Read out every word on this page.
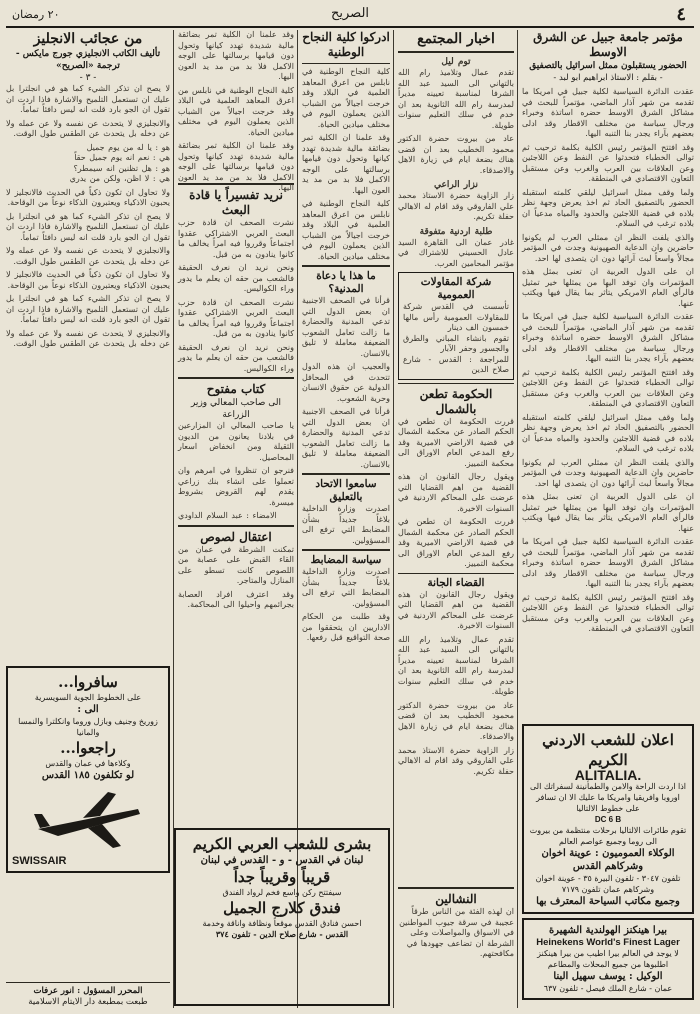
٤
الصريح
٢٠ رمضان
مؤتمر جامعة جبيل عن الشرق الاوسط
الحضور يستقبلون ممثل اسرائيل بالتصفيق
- بقلم : الاستاذ ابراهيم ابو لبد -

عقدت الدائرة السياسية لكلية جبيل في امريكا ما تقدمه من شهر آذار الماضي، مؤتمراً للبحث في مشاكل الشرق الاوسط حضره اساتذة وخبراء ورجال سياسة من مختلف الاقطار وقد ادلى بعضهم بآراء يجدر بنا التنبه اليها.

وقد افتتح المؤتمر رئيس الكلية بكلمة ترحيب ثم توالى الخطباء فتحدثوا عن النفط وعن اللاجئين وعن العلاقات بين العرب والغرب وعن مستقبل التعاون الاقتصادي في المنطقة.

ولما وقف ممثل اسرائيل ليلقي كلمته استقبله الحضور بالتصفيق الحاد ثم اخذ يعرض وجهة نظر بلاده في قضية اللاجئين والحدود والمياه مدعياً ان بلاده ترغب في السلام.

والذي يلفت النظر ان ممثلي العرب لم يكونوا حاضرين وان الدعاية الصهيونية وجدت في المؤتمر مجالاً واسعاً لبث آرائها دون ان يتصدى لها احد.

ان على الدول العربية ان تعنى بمثل هذه المؤتمرات وان توفد اليها من يمثلها خير تمثيل فالرأي العام الامريكي يتأثر بما يقال فيها ويكتب عنها.

عقدت الدائرة السياسية لكلية جبيل في امريكا ما تقدمه من شهر آذار الماضي، مؤتمراً للبحث في مشاكل الشرق الاوسط حضره اساتذة وخبراء ورجال سياسة من مختلف الاقطار وقد ادلى بعضهم بآراء يجدر بنا التنبه اليها.

وقد افتتح المؤتمر رئيس الكلية بكلمة ترحيب ثم توالى الخطباء فتحدثوا عن النفط وعن اللاجئين وعن العلاقات بين العرب والغرب وعن مستقبل التعاون الاقتصادي في المنطقة.

ولما وقف ممثل اسرائيل ليلقي كلمته استقبله الحضور بالتصفيق الحاد ثم اخذ يعرض وجهة نظر بلاده في قضية اللاجئين والحدود والمياه مدعياً ان بلاده ترغب في السلام.

والذي يلفت النظر ان ممثلي العرب لم يكونوا حاضرين وان الدعاية الصهيونية وجدت في المؤتمر مجالاً واسعاً لبث آرائها دون ان يتصدى لها احد.

ان على الدول العربية ان تعنى بمثل هذه المؤتمرات وان توفد اليها من يمثلها خير تمثيل فالرأي العام الامريكي يتأثر بما يقال فيها ويكتب عنها.

عقدت الدائرة السياسية لكلية جبيل في امريكا ما تقدمه من شهر آذار الماضي، مؤتمراً للبحث في مشاكل الشرق الاوسط حضره اساتذة وخبراء ورجال سياسة من مختلف الاقطار وقد ادلى بعضهم بآراء يجدر بنا التنبه اليها.

وقد افتتح المؤتمر رئيس الكلية بكلمة ترحيب ثم توالى الخطباء فتحدثوا عن النفط وعن اللاجئين وعن العلاقات بين العرب والغرب وعن مستقبل التعاون الاقتصادي في المنطقة.

اعلان للشعب الاردني الكريم
ALITALIA.
اذا اردت الراحة والامن والطمأنينة لسفراتك الى اوروبا وافريقيا وامريكا ما عليك الا ان تسافر على خطوط الالتاليا
DC 6 B
تقوم طائرات الالتاليا برحلات منتظمة من بيروت الى روما وجميع عواصم العالم
الوكلاء العموميون : عوينة اخوان وشركاهم القدس
تلفون ٣٠٤٧ - تلفون البيرة ٣٥ - عوينة اخوان وشركاهم عمان تلفون ٧١٧٩
وجميع مكاتب السياحة المعترف بها
بيرا هينكنز الهولندية الشهيرة
Heinekens World's Finest Lager
لا يوجد في العالم بيرا اطيب من بيرا هينكنز
اطلبوها من جميع المحلات والمطاعم
الوكيل : يوسف سهيل البنا
عمان - شارع الملك فيصل - تلفون ٦٣٧
اخبار المجتمع
توم ليل

تقدم عمال وتلاميذ رام الله بالتهاني الى السيد عبد الله الشرفا لمناسبة تعيينه مديراً لمدرسة رام الله الثانوية بعد ان خدم في سلك التعليم سنوات طويلة.

عاد من بيروت حضرة الدكتور محمود الخطيب بعد ان قضى هناك بضعة ايام في زيارة الاهل والاصدقاء.

نزار الراعي

زار الزاوية حضرة الاستاذ محمد علي الفاروقي وقد اقام له الاهالي حفلة تكريم.

طلبة اردنية متفوقة

غادر عمان الى القاهرة السيد عادل الحسيني للاشتراك في مؤتمر المحامين العرب.

شركة المقاولات العمومية
تأسست في القدس شركة للمقاولات العمومية رأس مالها خمسون الف دينار
تقوم بانشاء المباني والطرق والجسور وحفر الآبار
للمراجعة : القدس - شارع صلاح الدين
الحكومة تطعن بالشمال

قررت الحكومة ان تطعن في الحكم الصادر عن محكمة الشمال في قضية الاراضي الاميرية وقد رفع المدعي العام الاوراق الى محكمة التمييز.

ويقول رجال القانون ان هذه القضية من اهم القضايا التي عرضت على المحاكم الاردنية في السنوات الاخيرة.

قررت الحكومة ان تطعن في الحكم الصادر عن محكمة الشمال في قضية الاراضي الاميرية وقد رفع المدعي العام الاوراق الى محكمة التمييز.

القضاء الجانة

ويقول رجال القانون ان هذه القضية من اهم القضايا التي عرضت على المحاكم الاردنية في السنوات الاخيرة.

تقدم عمال وتلاميذ رام الله بالتهاني الى السيد عبد الله الشرفا لمناسبة تعيينه مديراً لمدرسة رام الله الثانوية بعد ان خدم في سلك التعليم سنوات طويلة.

عاد من بيروت حضرة الدكتور محمود الخطيب بعد ان قضى هناك بضعة ايام في زيارة الاهل والاصدقاء.

زار الزاوية حضرة الاستاذ محمد علي الفاروقي وقد اقام له الاهالي حفلة تكريم.

ادركوا كلية النجاح الوطنية

كلية النجاح الوطنية في نابلس من اعرق المعاهد العلمية في البلاد وقد خرجت اجيالاً من الشباب الذين يعملون اليوم في مختلف ميادين الحياة.

وقد علمنا ان الكلية تمر بضائقة مالية شديدة تهدد كيانها وتحول دون قيامها برسالتها على الوجه الاكمل فلا بد من مد يد العون اليها.

كلية النجاح الوطنية في نابلس من اعرق المعاهد العلمية في البلاد وقد خرجت اجيالاً من الشباب الذين يعملون اليوم في مختلف ميادين الحياة.

ما هذا يا دعاة المدنية؟

قرأنا في الصحف الاجنبية ان بعض الدول التي تدعي المدنية والحضارة ما زالت تعامل الشعوب الضعيفة معاملة لا تليق بالانسان.

والعجيب ان هذه الدول تتحدث في المحافل الدولية عن حقوق الانسان وحرية الشعوب.

قرأنا في الصحف الاجنبية ان بعض الدول التي تدعي المدنية والحضارة ما زالت تعامل الشعوب الضعيفة معاملة لا تليق بالانسان.

سامعوا الاتحاد بالتعليق

اصدرت وزارة الداخلية بلاغاً جديداً بشأن المضابط التي ترفع الى المسؤولين.

سياسة المضابط

اصدرت وزارة الداخلية بلاغاً جديداً بشأن المضابط التي ترفع الى المسؤولين.

وقد طلبت من الحكام الاداريين ان يتحققوا من صحة التواقيع قبل رفعها.

وقد علمنا ان الكلية تمر بضائقة مالية شديدة تهدد كيانها وتحول دون قيامها برسالتها على الوجه الاكمل فلا بد من مد يد العون اليها.

كلية النجاح الوطنية في نابلس من اعرق المعاهد العلمية في البلاد وقد خرجت اجيالاً من الشباب الذين يعملون اليوم في مختلف ميادين الحياة.

وقد علمنا ان الكلية تمر بضائقة مالية شديدة تهدد كيانها وتحول دون قيامها برسالتها على الوجه الاكمل فلا بد من مد يد العون اليها.

نريد تفسيراً يا قادة البعث

نشرت الصحف ان قادة حزب البعث العربي الاشتراكي عقدوا اجتماعاً وقرروا فيه امراً يخالف ما كانوا ينادون به من قبل.

ونحن نريد ان نعرف الحقيقة فالشعب من حقه ان يعلم ما يدور وراء الكواليس.

نشرت الصحف ان قادة حزب البعث العربي الاشتراكي عقدوا اجتماعاً وقرروا فيه امراً يخالف ما كانوا ينادون به من قبل.

ونحن نريد ان نعرف الحقيقة فالشعب من حقه ان يعلم ما يدور وراء الكواليس.

كتاب مفتوح
الى صاحب المعالي وزير الزراعة

يا صاحب المعالي ان المزارعين في بلادنا يعانون من الديون الثقيلة ومن انخفاض اسعار المحاصيل.

فنرجو ان تنظروا في امرهم وان تعملوا على انشاء بنك زراعي يقدم لهم القروض بشروط ميسرة.

الامضاء : عبد السلام الداودي

اعتقال لصوص

تمكنت الشرطة في عمان من القاء القبض على عصابة من اللصوص كانت تسطو على المنازل والمتاجر.

وقد اعترف افراد العصابة بجرائمهم واحيلوا الى المحاكمة.

من عجائب الانجليز
تأليف الكاتب الانجليزي جورج مايكس - ترجمة «الصريح»
- ٣ -

لا يصح ان تذكر الشيء كما هو في انجلترا بل عليك ان تستعمل التلميح والاشارة فاذا اردت ان تقول ان الجو بارد قلت انه ليس دافئاً تماماً.

والانجليزي لا يتحدث عن نفسه ولا عن عمله ولا عن دخله بل يتحدث عن الطقس طول الوقت.

هو : يا له من يوم جميل

هي : نعم انه يوم جميل حقاً

هو : هل تظنين انه سيمطر؟

هي : لا اظن، ولكن من يدري

ولا تحاول ان تكون ذكياً في الحديث فالانجليز لا يحبون الاذكياء ويعتبرون الذكاء نوعاً من الوقاحة.

لا يصح ان تذكر الشيء كما هو في انجلترا بل عليك ان تستعمل التلميح والاشارة فاذا اردت ان تقول ان الجو بارد قلت انه ليس دافئاً تماماً.

والانجليزي لا يتحدث عن نفسه ولا عن عمله ولا عن دخله بل يتحدث عن الطقس طول الوقت.

ولا تحاول ان تكون ذكياً في الحديث فالانجليز لا يحبون الاذكياء ويعتبرون الذكاء نوعاً من الوقاحة.

لا يصح ان تذكر الشيء كما هو في انجلترا بل عليك ان تستعمل التلميح والاشارة فاذا اردت ان تقول ان الجو بارد قلت انه ليس دافئاً تماماً.

والانجليزي لا يتحدث عن نفسه ولا عن عمله ولا عن دخله بل يتحدث عن الطقس طول الوقت.

سافروا...
على الخطوط الجوية السويسرية
الى :
زوريخ وجنيف وبازل وروما وانكلترا والنمسا والمانيا
راجعوا...
وكلاءها في عمان والقدس
لو تكلفون ١٨٥ القدس
SWISSAIR
المحرر المسؤول : انور عرفات
طبعت بمطبعة دار الايتام الاسلامية
بشرى للشعب العربي الكريم
لبنان في القدس - و - القدس في لبنان
قريباً وقريباً جداً
سيفتتح ركن واسع فخم لرواد الفندق
فندق كلارج الجميل
احسن فنادق القدس موقعاً ونظافة واناقة وخدمة
القدس - شارع صلاح الدين - تلفون ٣٧٤
النشالين
ان لهذه الفئة من الناس طرقاً عجيبة في سرقة جيوب المواطنين في الاسواق والمواصلات وعلى الشرطة ان تضاعف جهودها في مكافحتهم.
